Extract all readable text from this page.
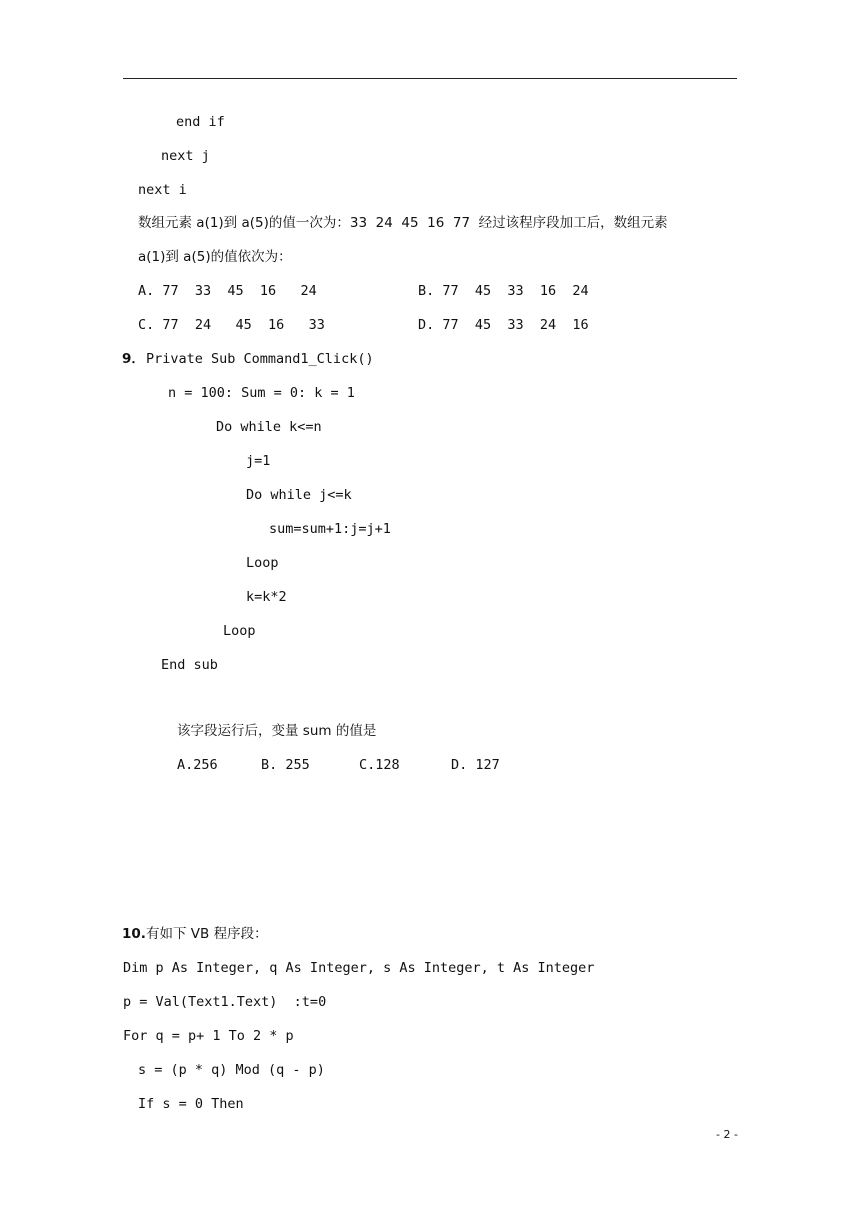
end if
next j
next i
数组元素 a(1)到 a(5)的值一次为：33  24  45  16  77  经过该程序段加工后，数组元素
a(1)到 a(5)的值依次为：
A. 77  33  45  16   24	B. 77  45  33  16  24
C. 77  24   45  16   33	D. 77  45  33  24  16
9． Private Sub Command1_Click()
n = 100: Sum = 0: k = 1
Do while k<=n
j=1
Do while j<=k
sum=sum+1:j=j+1
Loop
k=k*2
Loop
End sub
该字段运行后，变量 sum 的值是
A.256	B. 255	C.128	D. 127
10. 有如下 VB 程序段：
Dim p As Integer, q As Integer, s As Integer, t As Integer
p = Val(Text1.Text)  :t=0
For q = p+ 1 To 2 * p
s = (p * q) Mod (q - p)
If s = 0 Then
- 2 -
